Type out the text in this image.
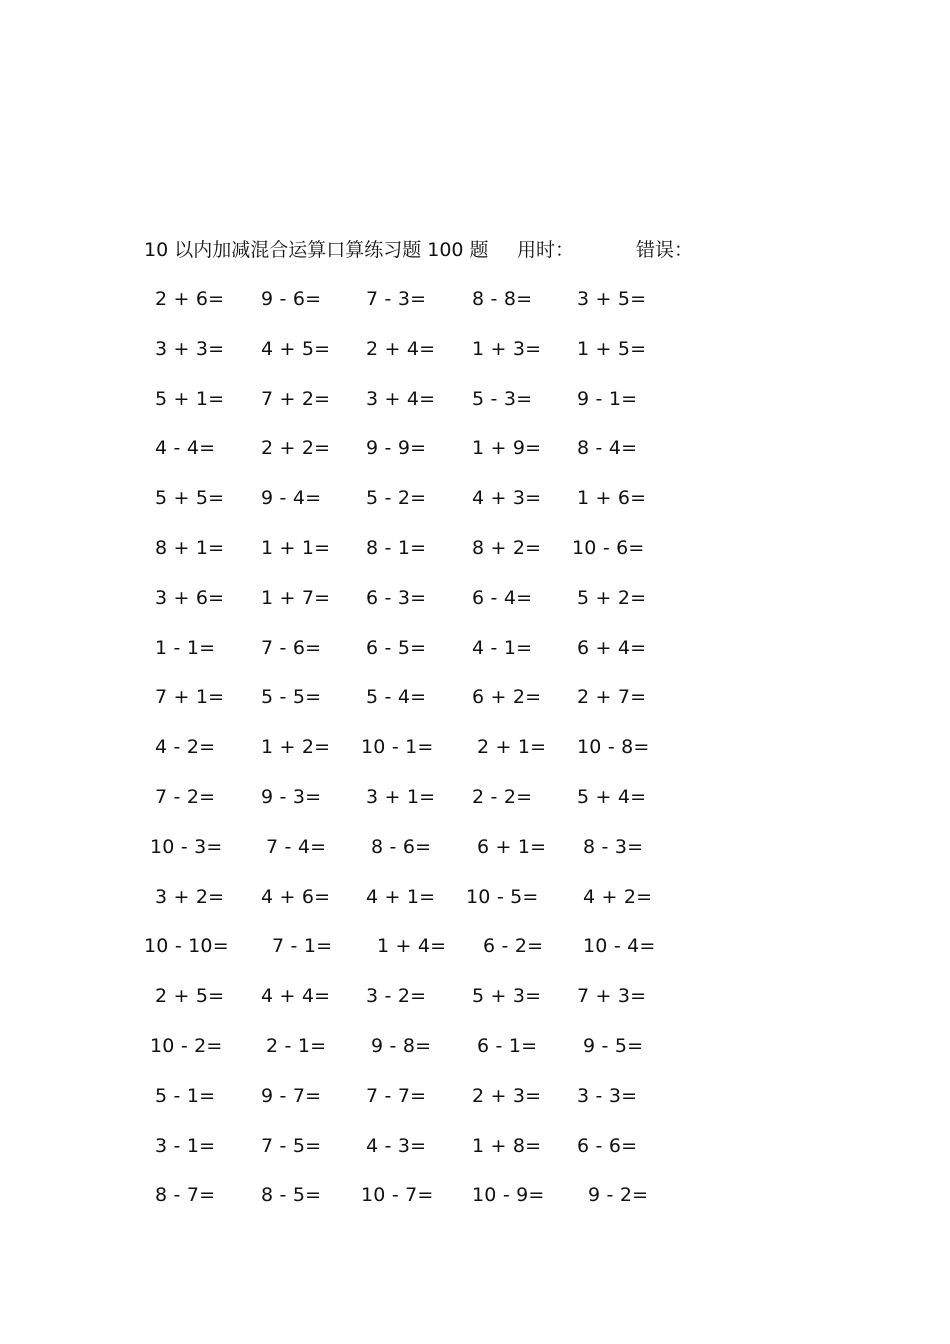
10 以内加减混合运算口算练习题 100 题 用时：	错误：
2 + 6= 9 - 6= 7 - 3= 8 - 8= 3 + 5=
3 + 3= 4 + 5= 2 + 4= 1 + 3= 1 + 5=
5 + 1= 7 + 2= 3 + 4= 5 - 3= 9 - 1=
4 - 4= 2 + 2= 9 - 9= 1 + 9= 8 - 4=
5 + 5= 9 - 4= 5 - 2= 4 + 3= 1 + 6=
8 + 1= 1 + 1= 8 - 1= 8 + 2= 10 - 6=
3 + 6= 1 + 7= 6 - 3= 6 - 4= 5 + 2=
1 - 1= 7 - 6= 6 - 5= 4 - 1= 6 + 4=
7 + 1= 5 - 5= 5 - 4= 6 + 2= 2 + 7=
4 - 2= 1 + 2= 10 - 1= 2 + 1= 10 - 8=
7 - 2= 9 - 3= 3 + 1= 2 - 2= 5 + 4=
10 - 3= 7 - 4= 8 - 6= 6 + 1= 8 - 3=
3 + 2= 4 + 6= 4 + 1= 10 - 5= 4 + 2=
10 - 10= 7 - 1= 1 + 4= 6 - 2= 10 - 4=
2 + 5= 4 + 4= 3 - 2= 5 + 3= 7 + 3=
10 - 2= 2 - 1= 9 - 8= 6 - 1= 9 - 5=
5 - 1= 9 - 7= 7 - 7= 2 + 3= 3 - 3=
3 - 1= 7 - 5= 4 - 3= 1 + 8= 6 - 6=
8 - 7= 8 - 5= 10 - 7= 10 - 9= 9 - 2=
